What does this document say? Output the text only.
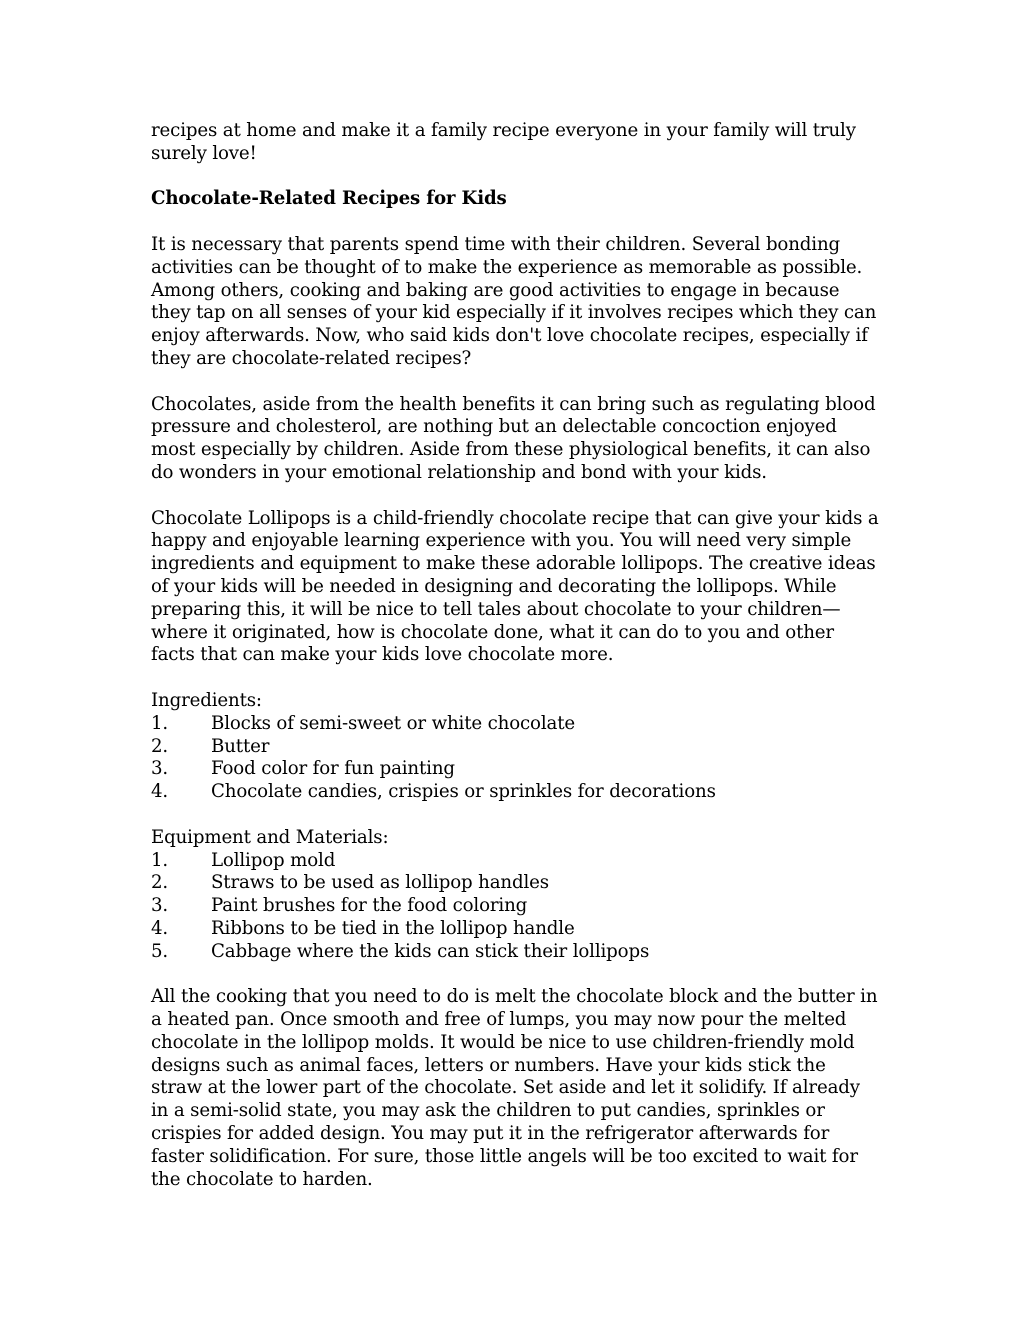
recipes at home and make it a family recipe everyone in your family will truly surely love!

Chocolate-Related Recipes for Kids

It is necessary that parents spend time with their children. Several bonding activities can be thought of to make the experience as memorable as possible. Among others, cooking and baking are good activities to engage in because they tap on all senses of your kid especially if it involves recipes which they can enjoy afterwards. Now, who said kids don't love chocolate recipes, especially if they are chocolate-related recipes?

Chocolates, aside from the health benefits it can bring such as regulating blood pressure and cholesterol, are nothing but an delectable concoction enjoyed most especially by children. Aside from these physiological benefits, it can also do wonders in your emotional relationship and bond with your kids.

Chocolate Lollipops is a child-friendly chocolate recipe that can give your kids a happy and enjoyable learning experience with you. You will need very simple ingredients and equipment to make these adorable lollipops. The creative ideas of your kids will be needed in designing and decorating the lollipops. While preparing this, it will be nice to tell tales about chocolate to your children—where it originated, how is chocolate done, what it can do to you and other facts that can make your kids love chocolate more.

Ingredients:

1.	Blocks of semi-sweet or white chocolate
2.	Butter
3.	Food color for fun painting
4.	Chocolate candies, crispies or sprinkles for decorations

Equipment and Materials:

1.	Lollipop mold
2.	Straws to be used as lollipop handles
3.	Paint brushes for the food coloring
4.	Ribbons to be tied in the lollipop handle
5.	Cabbage where the kids can stick their lollipops

All the cooking that you need to do is melt the chocolate block and the butter in a heated pan. Once smooth and free of lumps, you may now pour the melted chocolate in the lollipop molds. It would be nice to use children-friendly mold designs such as animal faces, letters or numbers. Have your kids stick the straw at the lower part of the chocolate. Set aside and let it solidify. If already in a semi-solid state, you may ask the children to put candies, sprinkles or crispies for added design. You may put it in the refrigerator afterwards for faster solidification. For sure, those little angels will be too excited to wait for the chocolate to harden.
